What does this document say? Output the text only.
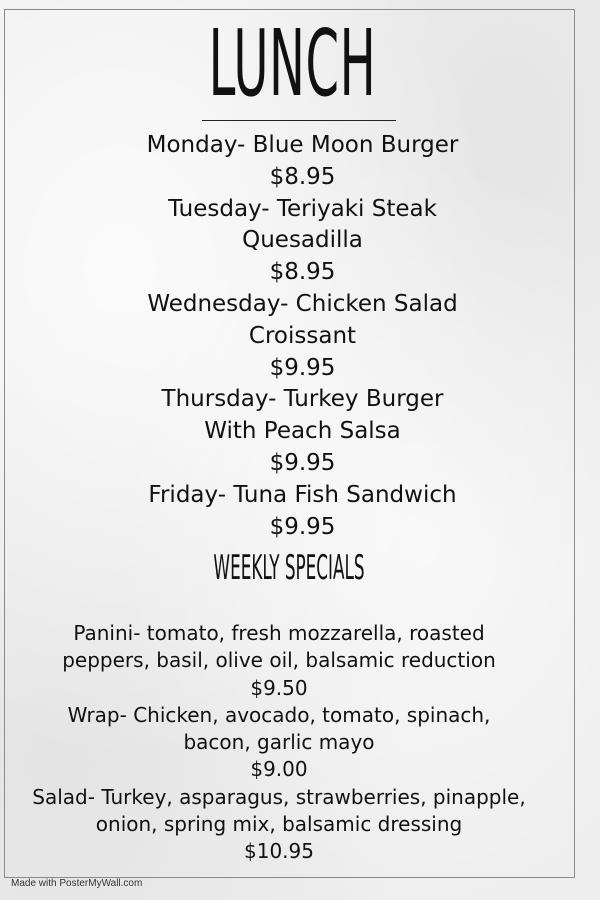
LUNCH
Monday- Blue Moon Burger
$8.95
Tuesday- Teriyaki Steak
Quesadilla
$8.95
Wednesday- Chicken Salad
Croissant
$9.95
Thursday- Turkey Burger
With Peach Salsa
$9.95
Friday- Tuna Fish Sandwich
$9.95
WEEKLY SPECIALS
Panini- tomato, fresh mozzarella, roasted
peppers, basil, olive oil, balsamic reduction
$9.50
Wrap- Chicken, avocado, tomato, spinach,
bacon, garlic mayo
$9.00
Salad- Turkey, asparagus, strawberries, pinapple,
onion, spring mix, balsamic dressing
$10.95
Made with PosterMyWall.com
